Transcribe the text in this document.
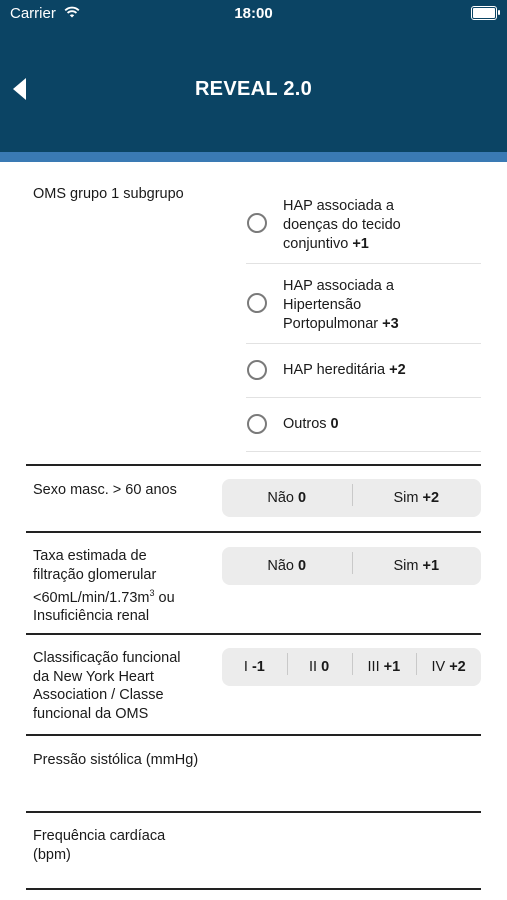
Carrier	18:00
REVEAL 2.0
OMS grupo 1 subgrupo
HAP associada a
doenças do tecido
conjuntivo +1
HAP associada a
Hipertensão
Portopulmonar +3
HAP hereditária +2
Outros 0
Sexo masc. > 60 anos	Não 0	Sim +2
Taxa estimada de
filtração glomerular
$<60mL/\min/1.73m^3$ ou
Insuficiência renal
Não 0	Sim +1
Classificação funcional
da New York Heart
Association / Classe
funcional da OMS
I -1	II 0	III +1	IV +2
Pressão sistólica (mmHg)
Frequência cardíaca
(bpm)
